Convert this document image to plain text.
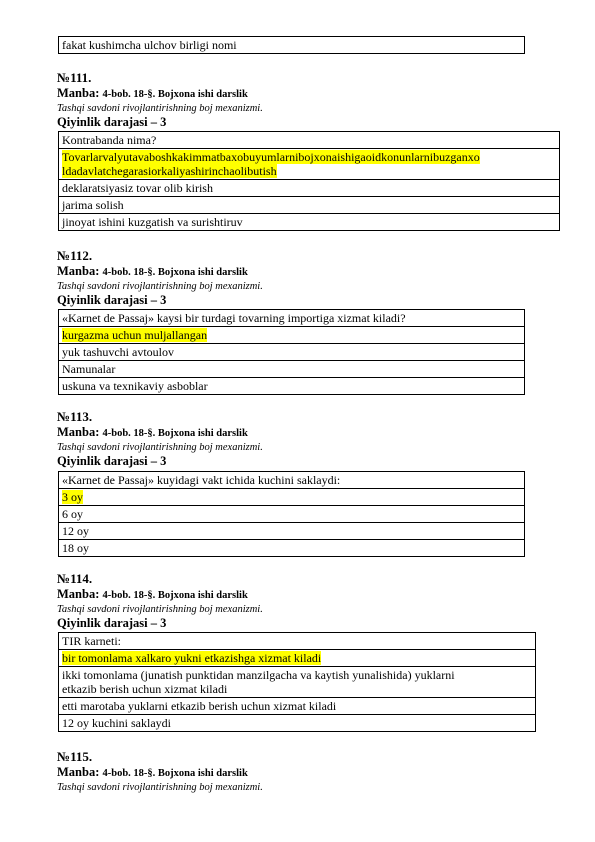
fakat kushimcha ulchov birligi nomi
№111.
Manba: 4-bob. 18-§. Bojxona ishi darslik
Tashqi savdoni rivojlantirishning boj mexanizmi.
Qiyinlik darajasi – 3
Kontrabanda nima?
Tovarlarvalyutavaboshkakimmatbaxobuyumlarnibojxonaishigaoidkonunlarnibuzganxo
ldadavlatchegarasiorkaliyashirinchaolibutish
deklaratsiyasiz tovar olib kirish
jarima solish
jinoyat ishini kuzgatish va surishtiruv
№112.
Manba: 4-bob. 18-§. Bojxona ishi darslik
Tashqi savdoni rivojlantirishning boj mexanizmi.
Qiyinlik darajasi – 3
«Karnet de Passaj» kaysi bir turdagi tovarning importiga xizmat kiladi?
kurgazma uchun muljallangan
yuk tashuvchi avtoulov
Namunalar
uskuna va texnikaviy asboblar
№113.
Manba: 4-bob. 18-§. Bojxona ishi darslik
Tashqi savdoni rivojlantirishning boj mexanizmi.
Qiyinlik darajasi – 3
«Karnet de Passaj» kuyidagi vakt ichida kuchini saklaydi:
3 oy
6 oy
12 oy
18 oy
№114.
Manba: 4-bob. 18-§. Bojxona ishi darslik
Tashqi savdoni rivojlantirishning boj mexanizmi.
Qiyinlik darajasi – 3
TIR karneti:
bir tomonlama xalkaro yukni etkazishga xizmat kiladi
ikki tomonlama (junatish punktidan manzilgacha va kaytish yunalishida) yuklarni
etkazib berish uchun xizmat kiladi
etti marotaba yuklarni etkazib berish uchun xizmat kiladi
12 oy kuchini saklaydi
№115.
Manba: 4-bob. 18-§. Bojxona ishi darslik
Tashqi savdoni rivojlantirishning boj mexanizmi.
